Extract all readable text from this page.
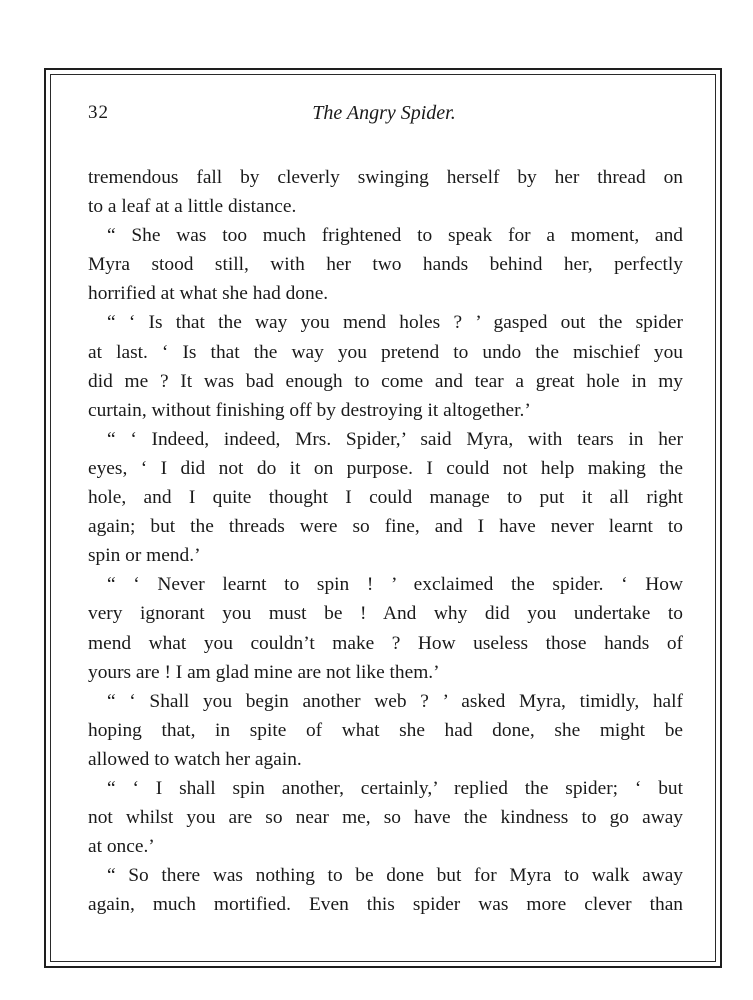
32	The Angry Spider.
tremendous fall by cleverly swinging herself by her thread on
to a leaf at a little distance.
“ She was too much frightened to speak for a moment, and
Myra stood still, with her two hands behind her, perfectly
horrified at what she had done.
“ ‘ Is that the way you mend holes ? ’ gasped out the spider
at last. ‘ Is that the way you pretend to undo the mischief you
did me ? It was bad enough to come and tear a great hole in my
curtain, without finishing off by destroying it altogether.’
“ ‘ Indeed, indeed, Mrs. Spider,’ said Myra, with tears in her
eyes, ‘ I did not do it on purpose. I could not help making the
hole, and I quite thought I could manage to put it all right
again; but the threads were so fine, and I have never learnt to
spin or mend.’
“ ‘ Never learnt to spin ! ’ exclaimed the spider. ‘ How
very ignorant you must be ! And why did you undertake to
mend what you couldn’t make ? How useless those hands of
yours are ! I am glad mine are not like them.’
“ ‘ Shall you begin another web ? ’ asked Myra, timidly, half
hoping that, in spite of what she had done, she might be
allowed to watch her again.
“ ‘ I shall spin another, certainly,’ replied the spider; ‘ but
not whilst you are so near me, so have the kindness to go away
at once.’
“ So there was nothing to be done but for Myra to walk away
again, much mortified. Even this spider was more clever than
